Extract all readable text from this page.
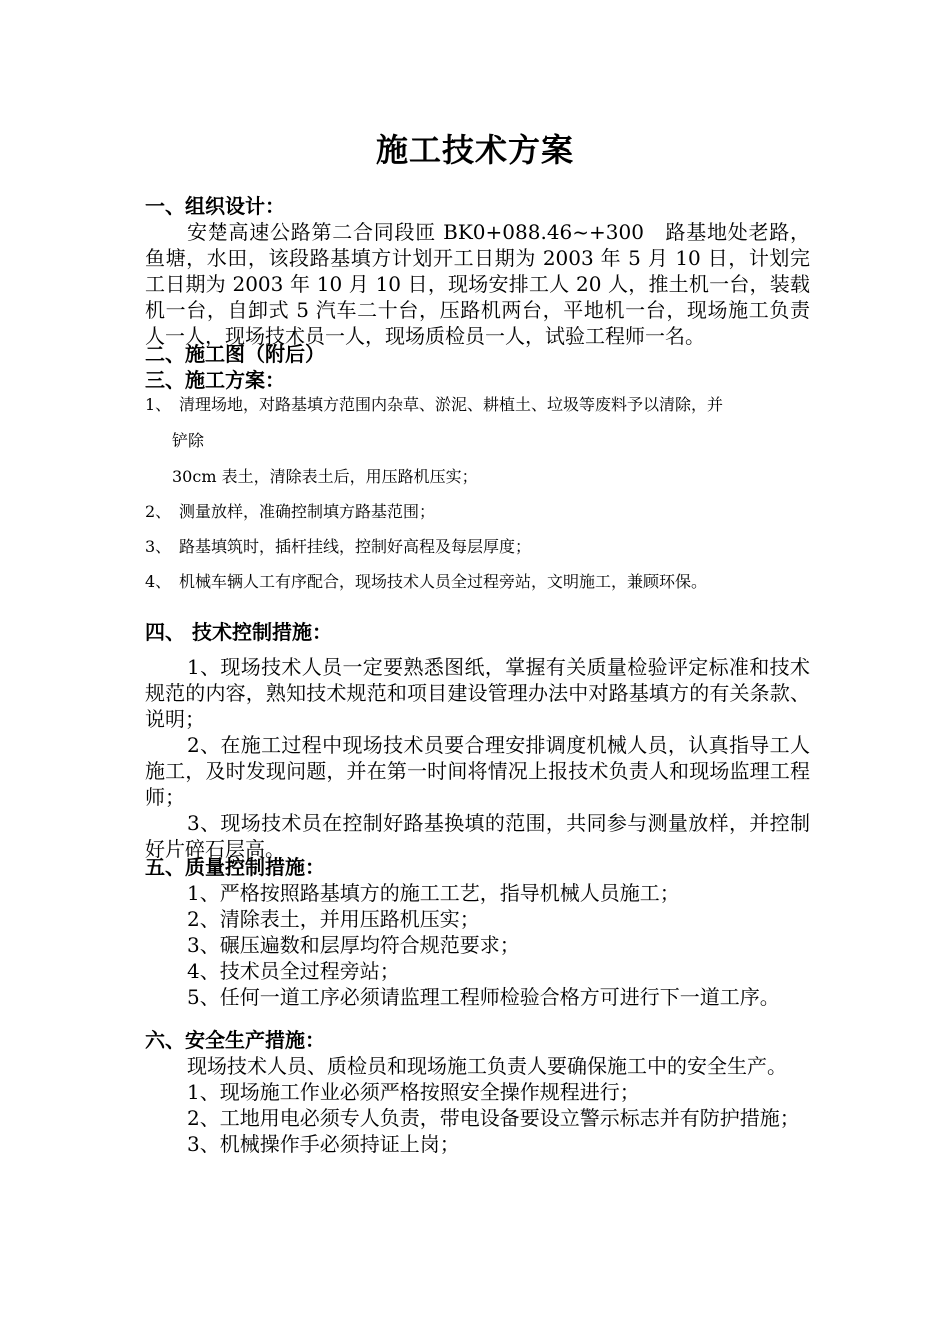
施工技术方案
一、组织设计：
安楚高速公路第二合同段匝 BK0+088.46~+300　路基地处老路，鱼塘，水田，该段路基填方计划开工日期为 2003 年 5 月 10 日，计划完工日期为 2003 年 10 月 10 日，现场安排工人 20 人，推土机一台，装载机一台，自卸式 5 汽车二十台，压路机两台，平地机一台，现场施工负责人一人，现场技术员一人，现场质检员一人，试验工程师一名。
二、施工图（附后）
三、施工方案：
1、 清理场地，对路基填方范围内杂草、淤泥、耕植土、垃圾等废料予以清除，并
铲除
30cm 表土，清除表土后，用压路机压实；
2、 测量放样，准确控制填方路基范围；
3、 路基填筑时，插杆挂线，控制好高程及每层厚度；
4、 机械车辆人工有序配合，现场技术人员全过程旁站，文明施工，兼顾环保。
四、 技术控制措施：
1、现场技术人员一定要熟悉图纸，掌握有关质量检验评定标准和技术规范的内容，熟知技术规范和项目建设管理办法中对路基填方的有关条款、说明；
2、在施工过程中现场技术员要合理安排调度机械人员，认真指导工人施工，及时发现问题，并在第一时间将情况上报技术负责人和现场监理工程师；
3、现场技术员在控制好路基换填的范围，共同参与测量放样，并控制好片碎石层高。
五、质量控制措施：
1、严格按照路基填方的施工工艺，指导机械人员施工；
2、清除表土，并用压路机压实；
3、碾压遍数和层厚均符合规范要求；
4、技术员全过程旁站；
5、任何一道工序必须请监理工程师检验合格方可进行下一道工序。
六、安全生产措施：
现场技术人员、质检员和现场施工负责人要确保施工中的安全生产。
1、现场施工作业必须严格按照安全操作规程进行；
2、工地用电必须专人负责，带电设备要设立警示标志并有防护措施；
3、机械操作手必须持证上岗；
